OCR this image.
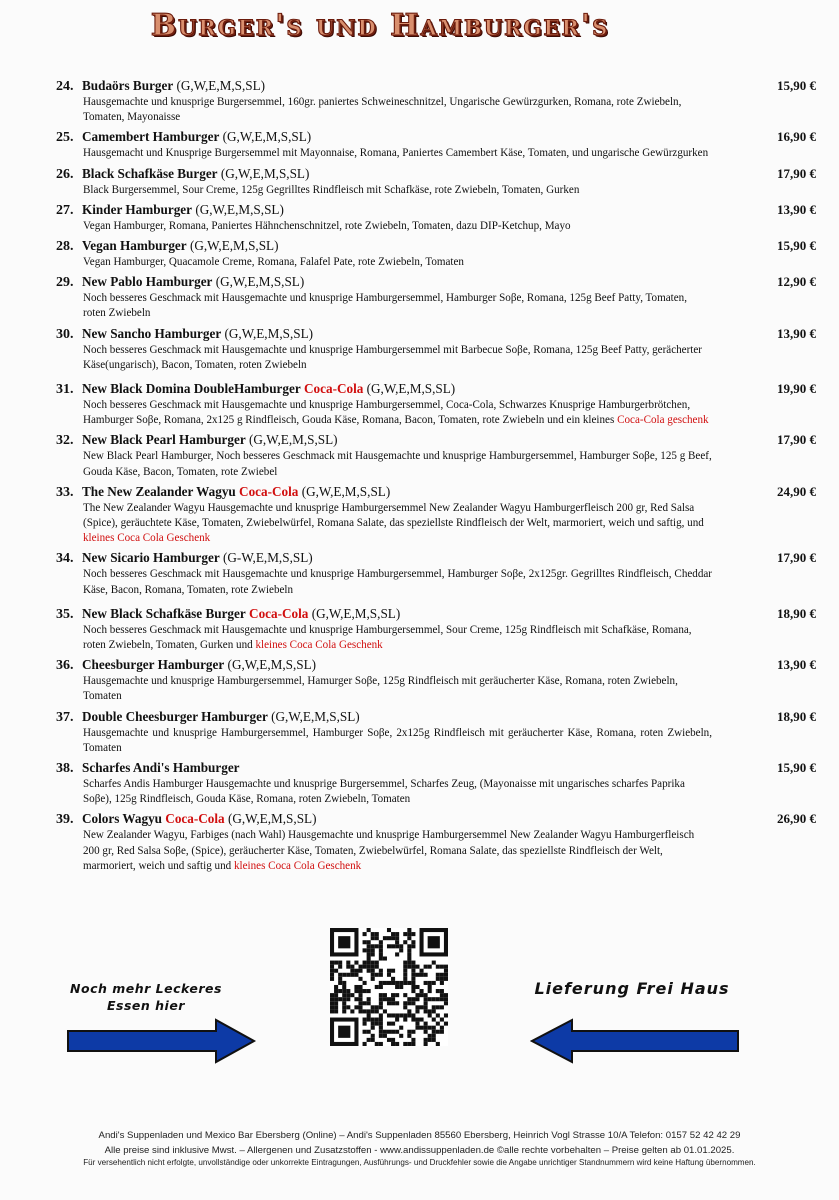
Burger's und Hamburger's
24. Budaörs Burger (G,W,E,M,S,SL)	15,90 €
Hausgemachte und knusprige Burgersemmel, 160gr. paniertes Schweineschnitzel, Ungarische Gewürzgurken, Romana, rote Zwiebeln, Tomaten, Mayonaisse
25. Camembert Hamburger (G,W,E,M,S,SL)	16,90 €
Hausgemacht und Knusprige Burgersemmel mit Mayonnaise, Romana, Paniertes Camembert Käse, Tomaten, und ungarische Gewürzgurken
26. Black Schafkäse Burger (G,W,E,M,S,SL)	17,90 €
Black Burgersemmel, Sour Creme, 125g Gegrilltes Rindfleisch mit Schafkäse, rote Zwiebeln, Tomaten, Gurken
27. Kinder Hamburger (G,W,E,M,S,SL)	13,90 €
Vegan Hamburger, Romana, Paniertes Hähnchenschnitzel, rote Zwiebeln, Tomaten, dazu DIP-Ketchup, Mayo
28. Vegan Hamburger (G,W,E,M,S,SL)	15,90 €
Vegan Hamburger, Quacamole Creme, Romana, Falafel Pate, rote Zwiebeln, Tomaten
29. New Pablo Hamburger (G,W,E,M,S,SL)	12,90 €
Noch besseres Geschmack mit Hausgemachte und knusprige Hamburgersemmel, Hamburger Soβe, Romana, 125g Beef Patty, Tomaten, roten Zwiebeln
30. New Sancho Hamburger (G,W,E,M,S,SL)	13,90 €
Noch besseres Geschmack mit Hausgemachte und knusprige Hamburgersemmel mit Barbecue Soβe, Romana, 125g Beef Patty, gerächerter Käse(ungarisch), Bacon, Tomaten, roten Zwiebeln
31. New Black Domina DoubleHamburger Coca-Cola (G,W,E,M,S,SL)	19,90 €
Noch besseres Geschmack mit Hausgemachte und knusprige Hamburgersemmel, Coca-Cola, Schwarzes Knusprige Hamburgerbrötchen, Hamburger Soβe, Romana, 2x125 g Rindfleisch, Gouda Käse, Romana, Bacon, Tomaten, rote Zwiebeln und ein kleines Coca-Cola geschenk
32. New Black Pearl Hamburger (G,W,E,M,S,SL)	17,90 €
New Black Pearl Hamburger, Noch besseres Geschmack mit Hausgemachte und knusprige Hamburgersemmel, Hamburger Soβe, 125 g Beef, Gouda Käse, Bacon, Tomaten, rote Zwiebel
33. The New Zealander Wagyu Coca-Cola (G,W,E,M,S,SL)	24,90 €
The New Zealander Wagyu Hausgemachte und knusprige Hamburgersemmel New Zealander Wagyu Hamburgerfleisch 200 gr, Red Salsa (Spice), geräuchtete Käse, Tomaten, Zwiebelwürfel, Romana Salate, das speziellste Rindfleisch der Welt, marmoriert, weich und saftig, und kleines Coca Cola Geschenk
34. New Sicario Hamburger (G-W,E,M,S,SL)	17,90 €
Noch besseres Geschmack mit Hausgemachte und knusprige Hamburgersemmel, Hamburger Soβe, 2x125gr. Gegrilltes Rindfleisch, Cheddar Käse, Bacon, Romana, Tomaten, rote Zwiebeln
35. New Black Schafkäse Burger Coca-Cola (G,W,E,M,S,SL)	18,90 €
Noch besseres Geschmack mit Hausgemachte und knusprige Hamburgersemmel, Sour Creme, 125g Rindfleisch mit Schafkäse, Romana, roten Zwiebeln, Tomaten, Gurken und kleines Coca Cola Geschenk
36. Cheesburger Hamburger (G,W,E,M,S,SL)	13,90 €
Hausgemachte und knusprige Hamburgersemmel, Hamurger Soβe, 125g Rindfleisch mit geräucherter Käse, Romana, roten Zwiebeln, Tomaten
37. Double Cheesburger Hamburger (G,W,E,M,S,SL)	18,90 €
Hausgemachte und knusprige Hamburgersemmel, Hamburger Soβe, 2x125g Rindfleisch mit geräucherter Käse, Romana, roten Zwiebeln, Tomaten
38. Scharfes Andi's Hamburger	15,90 €
Scharfes Andis Hamburger Hausgemachte und knusprige Burgersemmel, Scharfes Zeug, (Mayonaisse mit ungarisches scharfes Paprika Soβe), 125g Rindfleisch, Gouda Käse, Romana, roten Zwiebeln, Tomaten
39. Colors Wagyu Coca-Cola (G,W,E,M,S,SL)	26,90 €
New Zealander Wagyu, Farbiges (nach Wahl) Hausgemachte und knusprige Hamburgersemmel New Zealander Wagyu Hamburgerfleisch 200 gr, Red Salsa Soβe, (Spice), geräucherter Käse, Tomaten, Zwiebelwürfel, Romana Salate, das speziellste Rindfleisch der Welt, marmoriert, weich und saftig und kleines Coca Cola Geschenk
Noch mehr Leckeres Essen hier
Lieferung Frei Haus
Andi's Suppenladen und Mexico Bar Ebersberg (Online) – Andi's Suppenladen 85560 Ebersberg, Heinrich Vogl Strasse 10/A Telefon: 0157 52 42 42 29
Alle preise sind inklusive Mwst. – Allergenen und Zusatzstoffen - www.andissuppenladen.de ©alle rechte vorbehalten – Preise gelten ab 01.01.2025.
Für versehentlich nicht erfolgte, unvollständige oder unkorrekte Eintragungen, Ausführungs- und Druckfehler sowie die Angabe unrichtiger Standnummern wird keine Haftung übernommen.
